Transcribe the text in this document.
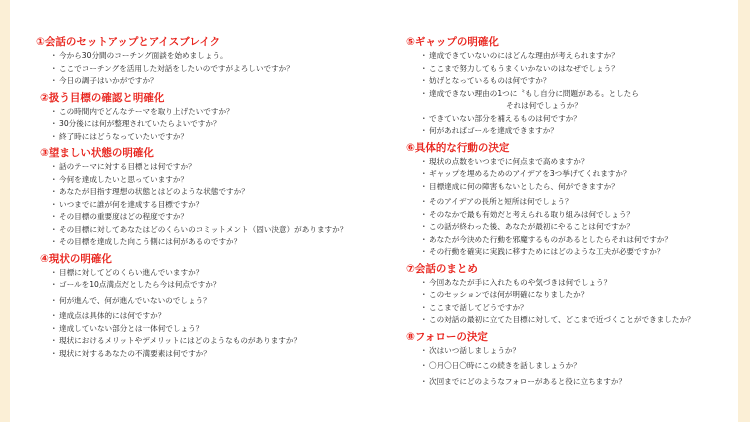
①会話のセットアップとアイスブレイク
・今から30分間のコーチング面談を始めましょう。
・ここでコーチングを活用した対話をしたいのですがよろしいですか？
・今日の調子はいかがですか？
②扱う目標の確認と明確化
・この時間内でどんなテーマを取り上げたいですか？
・30分後には何が整理されていたらよいですか？
・終了時にはどうなっていたいですか？
③望ましい状態の明確化
・話のテーマに対する目標とは何ですか？
・今何を達成したいと思っていますか？
・あなたが目指す理想の状態とはどのような状態ですか？
・いつまでに誰が何を達成する目標ですか？
・その目標の重要度はどの程度ですか？
・その目標に対してあなたはどのくらいのコミットメント（固い決意）がありますか？
・その目標を達成した向こう側には何があるのですか？
④現状の明確化
・目標に対してどのくらい進んでいますか？
・ゴールを10点満点だとしたら今は何点ですか？
・何が進んで、何が進んでいないのでしょう？
・達成点は具体的には何ですか？
・達成していない部分とは一体何でしょう？
・現状におけるメリットやデメリットにはどのようなものがありますか？
・現状に対するあなたの不満要素は何ですか？
⑤ギャップの明確化
・達成できていないのにはどんな理由が考えられますか？
・ここまで努力してもうまくいかないのはなぜでしょう？
・妨げとなっているものは何ですか？
・達成できない理由の1つに〝もし自分に問題がある〟としたら
それは何でしょうか？
・できていない部分を補えるものは何ですか？
・何があればゴールを達成できますか？
⑥具体的な行動の決定
・現状の点数をいつまでに何点まで高めますか？
・ギャップを埋めるためのアイデアを3つ挙げてくれますか？
・目標達成に何の障害もないとしたら、何ができますか？
・そのアイデアの長所と短所は何でしょう？
・そのなかで最も有効だと考えられる取り組みは何でしょう？
・この話が終わった後、あなたが最初にやることは何ですか？
・あなたが今決めた行動を邪魔するものがあるとしたらそれは何ですか？
・その行動を確実に実践に移すためにはどのような工夫が必要ですか？
⑦会話のまとめ
・今回あなたが手に入れたものや気づきは何でしょう？
・このセッションでは何が明確になりましたか？
・ここまで話してどうですか？
・この対話の最初に立てた目標に対して、どこまで近づくことができましたか？
⑧フォローの決定
・次はいつ話しましょうか？
・〇月〇日〇時にこの続きを話しましょうか？
・次回までにどのようなフォローがあると役に立ちますか？
